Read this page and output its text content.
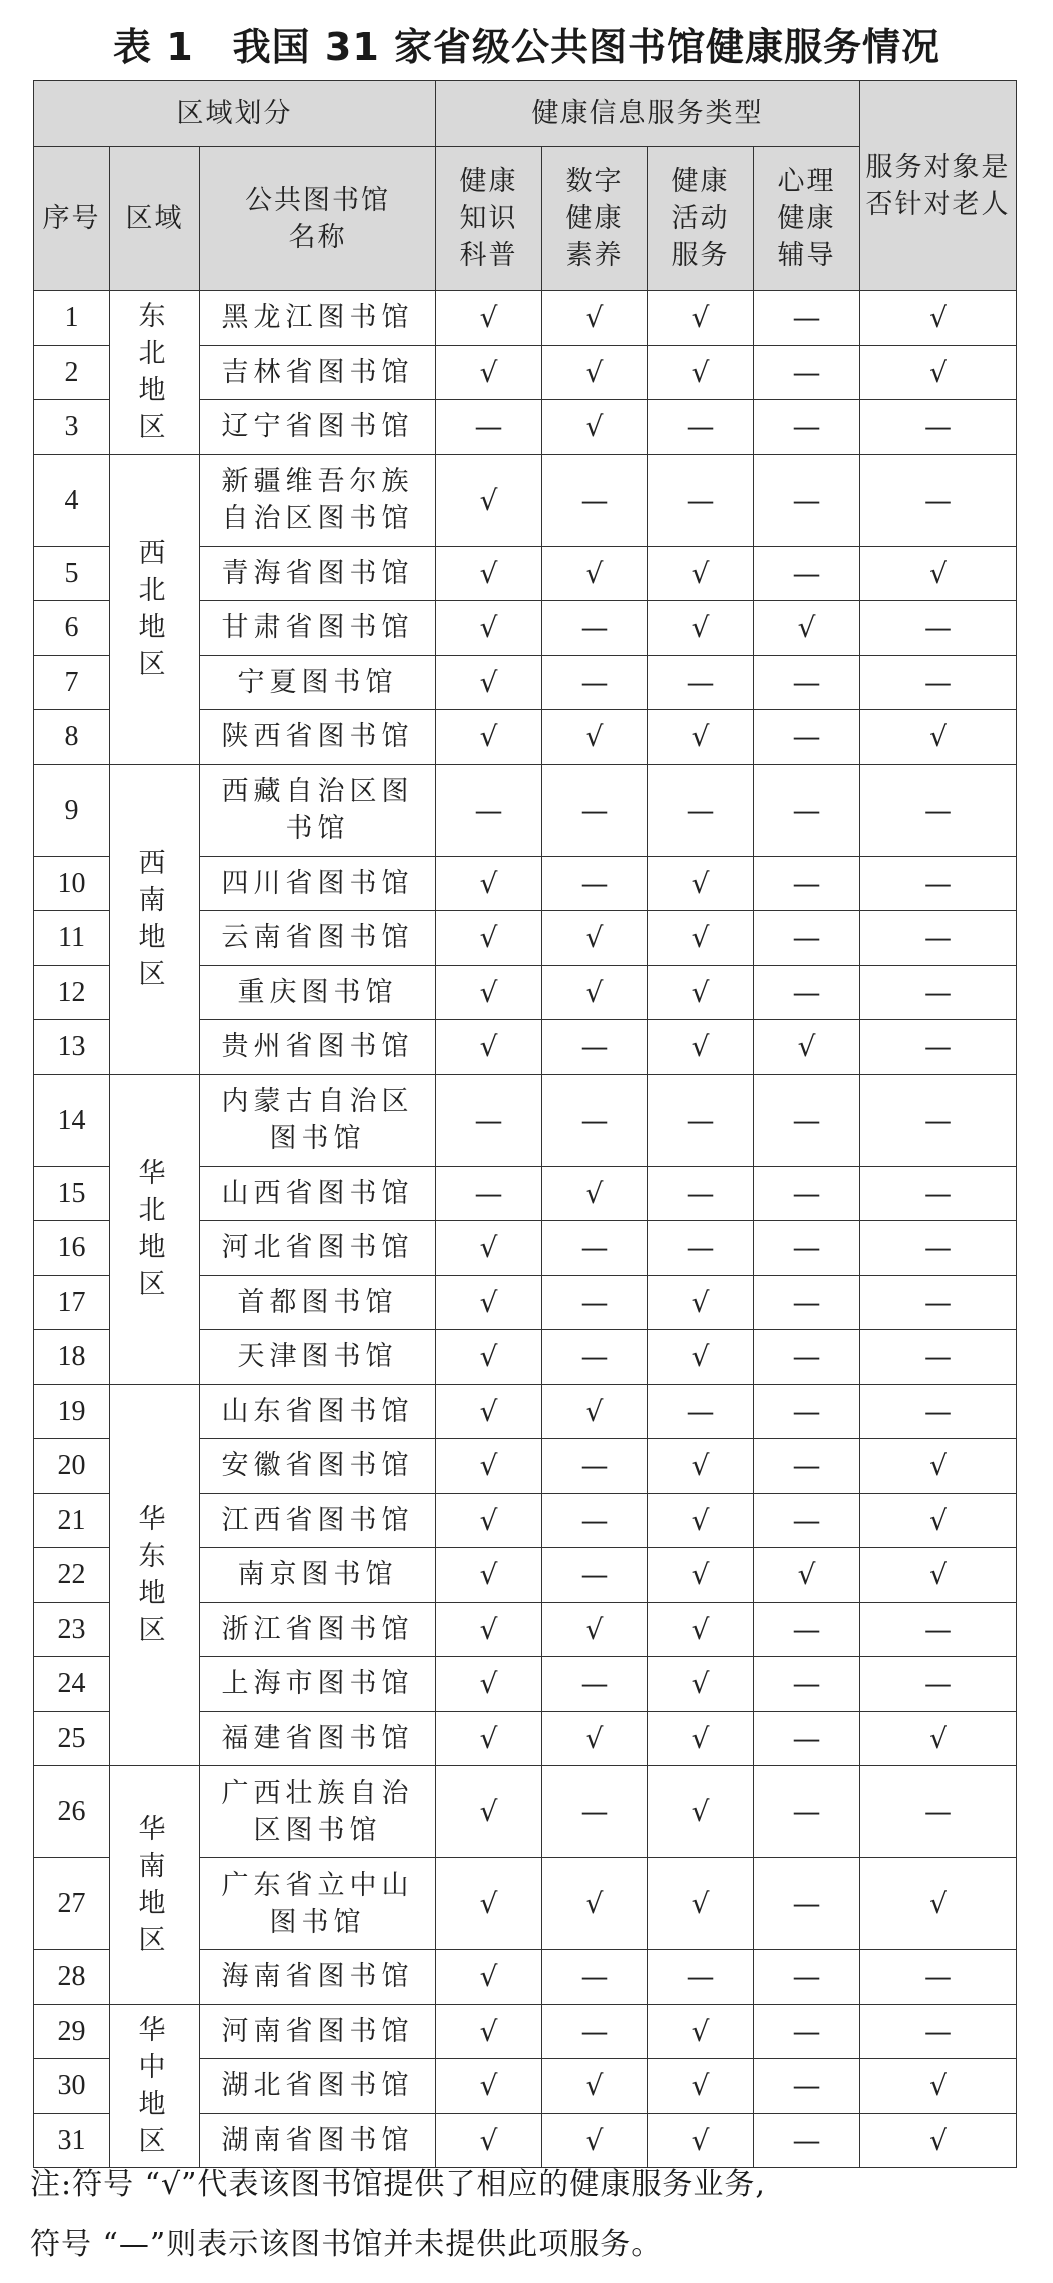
表 1　我国 31 家省级公共图书馆健康服务情况
区域划分			健康信息服务类型				服务对象是否针对老人
序号	区域	公共图书馆名称	健康知识科普	数字健康素养	健康活动服务	心理健康辅导	
1	东北地区	黑龙江图书馆	√	√	√	—	√
2		吉林省图书馆	√	√	√	—	√
3		辽宁省图书馆	—	√	—	—	—
4	西北地区	新疆维吾尔族自治区图书馆	√	—	—	—	—
5		青海省图书馆	√	√	√	—	√
6		甘肃省图书馆	√	—	√	√	—
7		宁夏图书馆	√	—	—	—	—
8		陕西省图书馆	√	√	√	—	√
9	西南地区	西藏自治区图书馆	—	—	—	—	—
10		四川省图书馆	√	—	√	—	—
11		云南省图书馆	√	√	√	—	—
12		重庆图书馆	√	√	√	—	—
13		贵州省图书馆	√	—	√	√	—
14	华北地区	内蒙古自治区图书馆	—	—	—	—	—
15		山西省图书馆	—	√	—	—	—
16		河北省图书馆	√	—	—	—	—
17		首都图书馆	√	—	√	—	—
18		天津图书馆	√	—	√	—	—
19	华东地区	山东省图书馆	√	√	—	—	—
20		安徽省图书馆	√	—	√	—	√
21		江西省图书馆	√	—	√	—	√
22		南京图书馆	√	—	√	√	√
23		浙江省图书馆	√	√	√	—	—
24		上海市图书馆	√	—	√	—	—
25		福建省图书馆	√	√	√	—	√
26	华南地区	广西壮族自治区图书馆	√	—	√	—	—
27		广东省立中山图书馆	√	√	√	—	√
28		海南省图书馆	√	—	—	—	—
29	华中地区	河南省图书馆	√	—	√	—	—
30		湖北省图书馆	√	√	√	—	√
31		湖南省图书馆	√	√	√	—	√
注:符号 “√”代表该图书馆提供了相应的健康服务业务,
符号 “—”则表示该图书馆并未提供此项服务。
